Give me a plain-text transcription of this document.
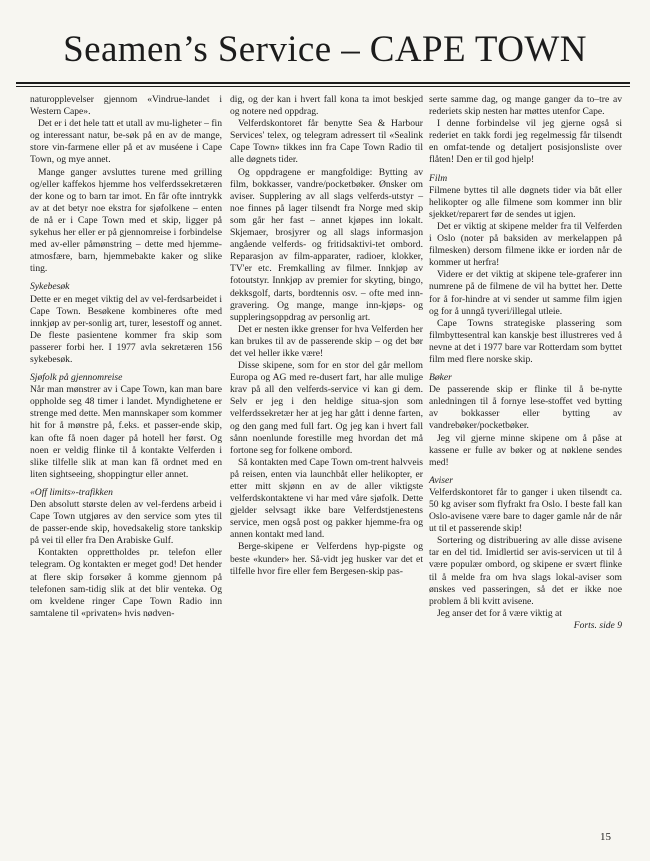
Seamen’s Service – CAPE TOWN

naturopplevelser gjennom «Vindrue-landet i Western Cape».

Det er i det hele tatt et utall av mu-ligheter – fin og interessant natur, be-søk på en av de mange, store vin-farmene eller på et av muséene i Cape Town, og mye annet.

Mange ganger avsluttes turene med grilling og/eller kaffekos hjemme hos velferdssekretæren der kone og to barn tar imot. En får ofte inntrykk av at det betyr noe ekstra for sjøfolkene – enten de nå er i Cape Town med et skip, ligger på sykehus her eller er på gjennomreise i forbindelse med av-eller påmønstring – dette med hjemme-atmosfære, barn, hjemmebakte kaker og slike ting.

Sykebesøk

Dette er en meget viktig del av vel-ferdsarbeidet i Cape Town. Besøkene kombineres ofte med innkjøp av per-sonlig art, turer, lesestoff og annet. De fleste pasientene kommer fra skip som passerer forbi her. I 1977 avla sekretæren 156 sykebesøk.

Sjøfolk på gjennomreise

Når man mønstrer av i Cape Town, kan man bare oppholde seg 48 timer i landet. Myndighetene er strenge med dette. Men mannskaper som kommer hit for å mønstre på, f.eks. et passer-ende skip, kan ofte få noen dager på hotell her først. Og noen er veldig flinke til å kontakte Velferden i slike tilfelle slik at man kan få ordnet med en liten sightseeing, shoppingtur eller annet.

«Off limits»-trafikken

Den absolutt største delen av vel-ferdens arbeid i Cape Town utgjøres av den service som ytes til de passer-ende skip, hovedsakelig store tankskip på vei til eller fra Den Arabiske Gulf.

Kontakten opprettholdes pr. telefon eller telegram. Og kontakten er meget god! Det hender at flere skip forsøker å komme gjennom på telefonen sam-tidig slik at det blir ventekø. Og om kveldene ringer Cape Town Radio inn samtalene til «privaten» hvis nødven-

dig, og der kan i hvert fall kona ta imot beskjed og notere ned oppdrag.

Velferdskontoret får benytte Sea & Harbour Services' telex, og telegram adressert til «Sealink Cape Town» tikkes inn fra Cape Town Radio til alle døgnets tider.

Og oppdragene er mangfoldige: Bytting av film, bokkasser, vandre/pocketbøker. Ønsker om aviser. Supplering av all slags velferds-utstyr – noe finnes på lager tilsendt fra Norge med skip som går her fast – annet kjøpes inn lokalt. Skjemaer, brosjyrer og all slags informasjon angående velferds- og fritidsaktivi-tet ombord. Reparasjon av film-apparater, radioer, klokker, TV'er etc. Fremkalling av filmer. Innkjøp av fotoutstyr. Innkjøp av premier for skyting, bingo, dekksgolf, darts, bordtennis osv. – ofte med inn-gravering. Og mange, mange inn-kjøps- og suppleringsoppdrag av personlig art.

Det er nesten ikke grenser for hva Velferden her kan brukes til av de passerende skip – og det bør det vel heller ikke være!

Disse skipene, som for en stor del går mellom Europa og AG med re-dusert fart, har alle mulige krav på all den velferds-service vi kan gi dem. Selv er jeg i den heldige situa-sjon som velferdssekretær her at jeg har gått i denne farten, og den gang med full fart. Og jeg kan i hvert fall sånn noenlunde forestille meg hvordan det må fortone seg for folkene ombord.

Så kontakten med Cape Town om-trent halvveis på reisen, enten via launchbåt eller helikopter, er etter mitt skjønn en av de aller viktigste velferdskontaktene vi har med våre sjøfolk. Dette gjelder selvsagt ikke bare Velferdstjenestens service, men også post og pakker hjemme-fra og annen kontakt med land.

Berge-skipene er Velferdens hyp-pigste og beste «kunder» her. Så-vidt jeg husker var det et tilfelle hvor fire eller fem Bergesen-skip pas-

serte samme dag, og mange ganger da to–tre av rederiets skip nesten har møttes utenfor Cape.

I denne forbindelse vil jeg gjerne også si rederiet en takk fordi jeg regelmessig får tilsendt en omfat-tende og detaljert posisjonsliste over flåten! Den er til god hjelp!

Film

Filmene byttes til alle døgnets tider via båt eller helikopter og alle filmene som kommer inn blir sjekket/reparert før de sendes ut igjen.

Det er viktig at skipene melder fra til Velferden i Oslo (noter på baksiden av merkelappen på filmesken) dersom filmene ikke er iorden når de kommer ut herfra!

Videre er det viktig at skipene tele-graferer inn numrene på de filmene de vil ha byttet her. Dette for å for-hindre at vi sender ut samme film igjen og for å unngå tyveri/illegal utleie.

Cape Towns strategiske plassering som filmbyttesentral kan kanskje best illustreres ved å nevne at det i 1977 bare var Rotterdam som byttet film med flere norske skip.

Bøker

De passerende skip er flinke til å be-nytte anledningen til å fornye lese-stoffet ved bytting av bokkasser eller bytting av vandrebøker/pocketbøker.

Jeg vil gjerne minne skipene om å påse at kassene er fulle av bøker og at nøklene sendes med!

Aviser

Velferdskontoret får to ganger i uken tilsendt ca. 50 kg aviser som flyfrakt fra Oslo. I beste fall kan Oslo-avisene være bare to dager gamle når de når ut til et passerende skip!

Sortering og distribuering av alle disse avisene tar en del tid. Imidlertid ser avis-servicen ut til å være populær ombord, og skipene er svært flinke til å melde fra om hva slags lokal-aviser som ønskes ved passeringen, så det er ikke noe problem å bli kvitt avisene.

Jeg anser det for å være viktig at

Forts. side 9

15
